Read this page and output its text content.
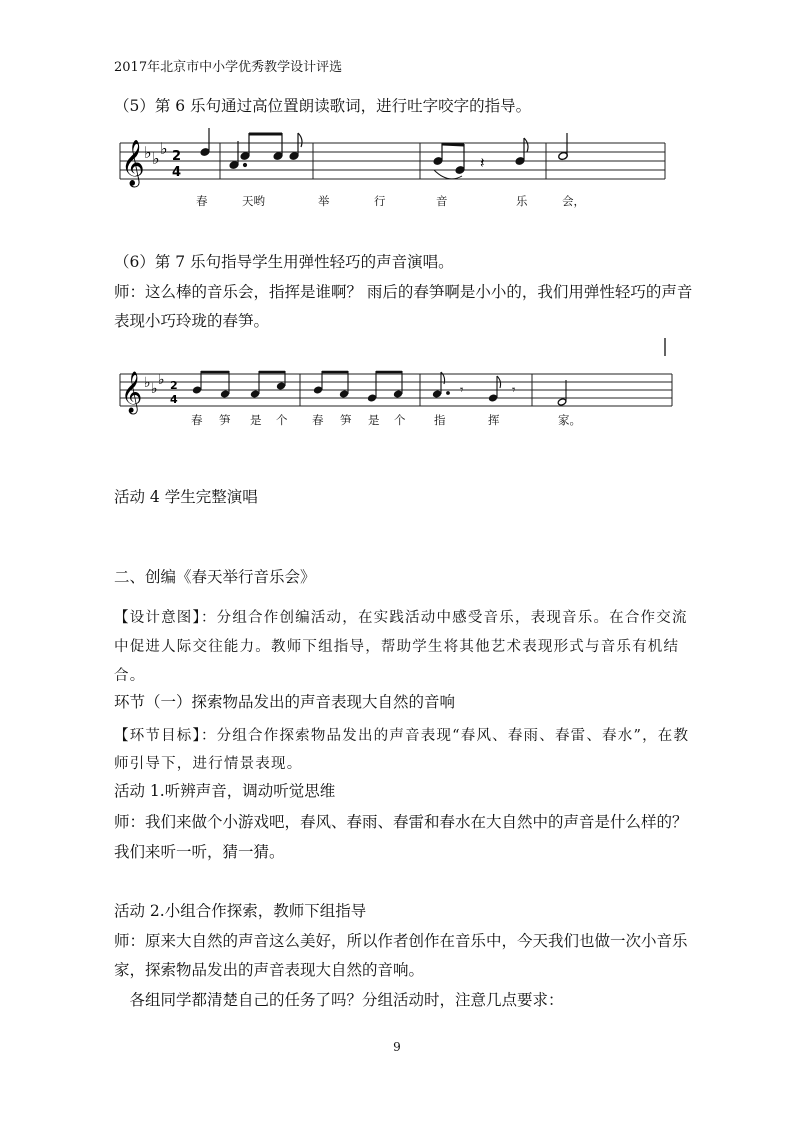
2017年北京市中小学优秀教学设计评选
（5）第 6 乐句通过高位置朗读歌词，进行吐字咬字的指导。
𝄞 ♭ ♭
♭ 2
4
𝄽
春	天哟	举	行	音	乐	会，
（6）第 7 乐句指导学生用弹性轻巧的声音演唱。
师：这么棒的音乐会，指挥是谁啊？ 雨后的春笋啊是小小的，我们用弹性轻巧的声音
表现小巧玲珑的春笋。
𝄞 ♭ ♭
♭ 2
4
𝄾	𝄾
春 笋 是 个 春 笋 是 个 指	挥	家。
活动 4 学生完整演唱
二、创编《春天举行音乐会》
【设计意图】：分组合作创编活动，在实践活动中感受音乐，表现音乐。在合作交流
中促进人际交往能力。教师下组指导，帮助学生将其他艺术表现形式与音乐有机结
合。
环节（一）探索物品发出的声音表现大自然的音响
【环节目标】：分组合作探索物品发出的声音表现“春风、春雨、春雷、春水”，在教
师引导下，进行情景表现。
活动 1.听辨声音，调动听觉思维
师：我们来做个小游戏吧，春风、春雨、春雷和春水在大自然中的声音是什么样的？
我们来听一听，猜一猜。
活动 2.小组合作探索，教师下组指导
师：原来大自然的声音这么美好，所以作者创作在音乐中，今天我们也做一次小音乐
家，探索物品发出的声音表现大自然的音响。
　各组同学都清楚自己的任务了吗？分组活动时，注意几点要求：
9
